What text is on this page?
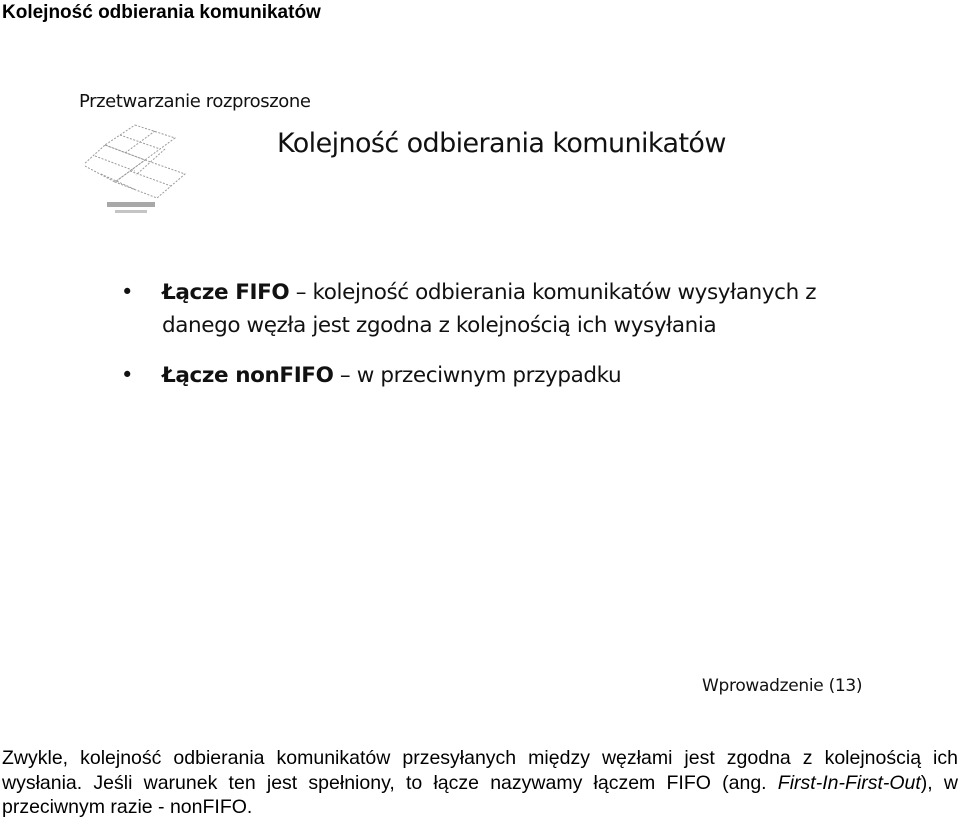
Kolejność odbierania komunikatów
Przetwarzanie rozproszone
Kolejność odbierania komunikatów
• Łącze FIFO – kolejność odbierania komunikatów wysyłanych z danego węzła jest zgodna z kolejnością ich wysyłania
• Łącze nonFIFO – w przeciwnym przypadku
Wprowadzenie (13)

Zwykle, kolejność odbierania komunikatów przesyłanych między węzłami jest zgodna z kolejnością ich wysłania. Jeśli warunek ten jest spełniony, to łącze nazywamy łączem FIFO (ang. First-In-First-Out), w przeciwnym razie - nonFIFO.
